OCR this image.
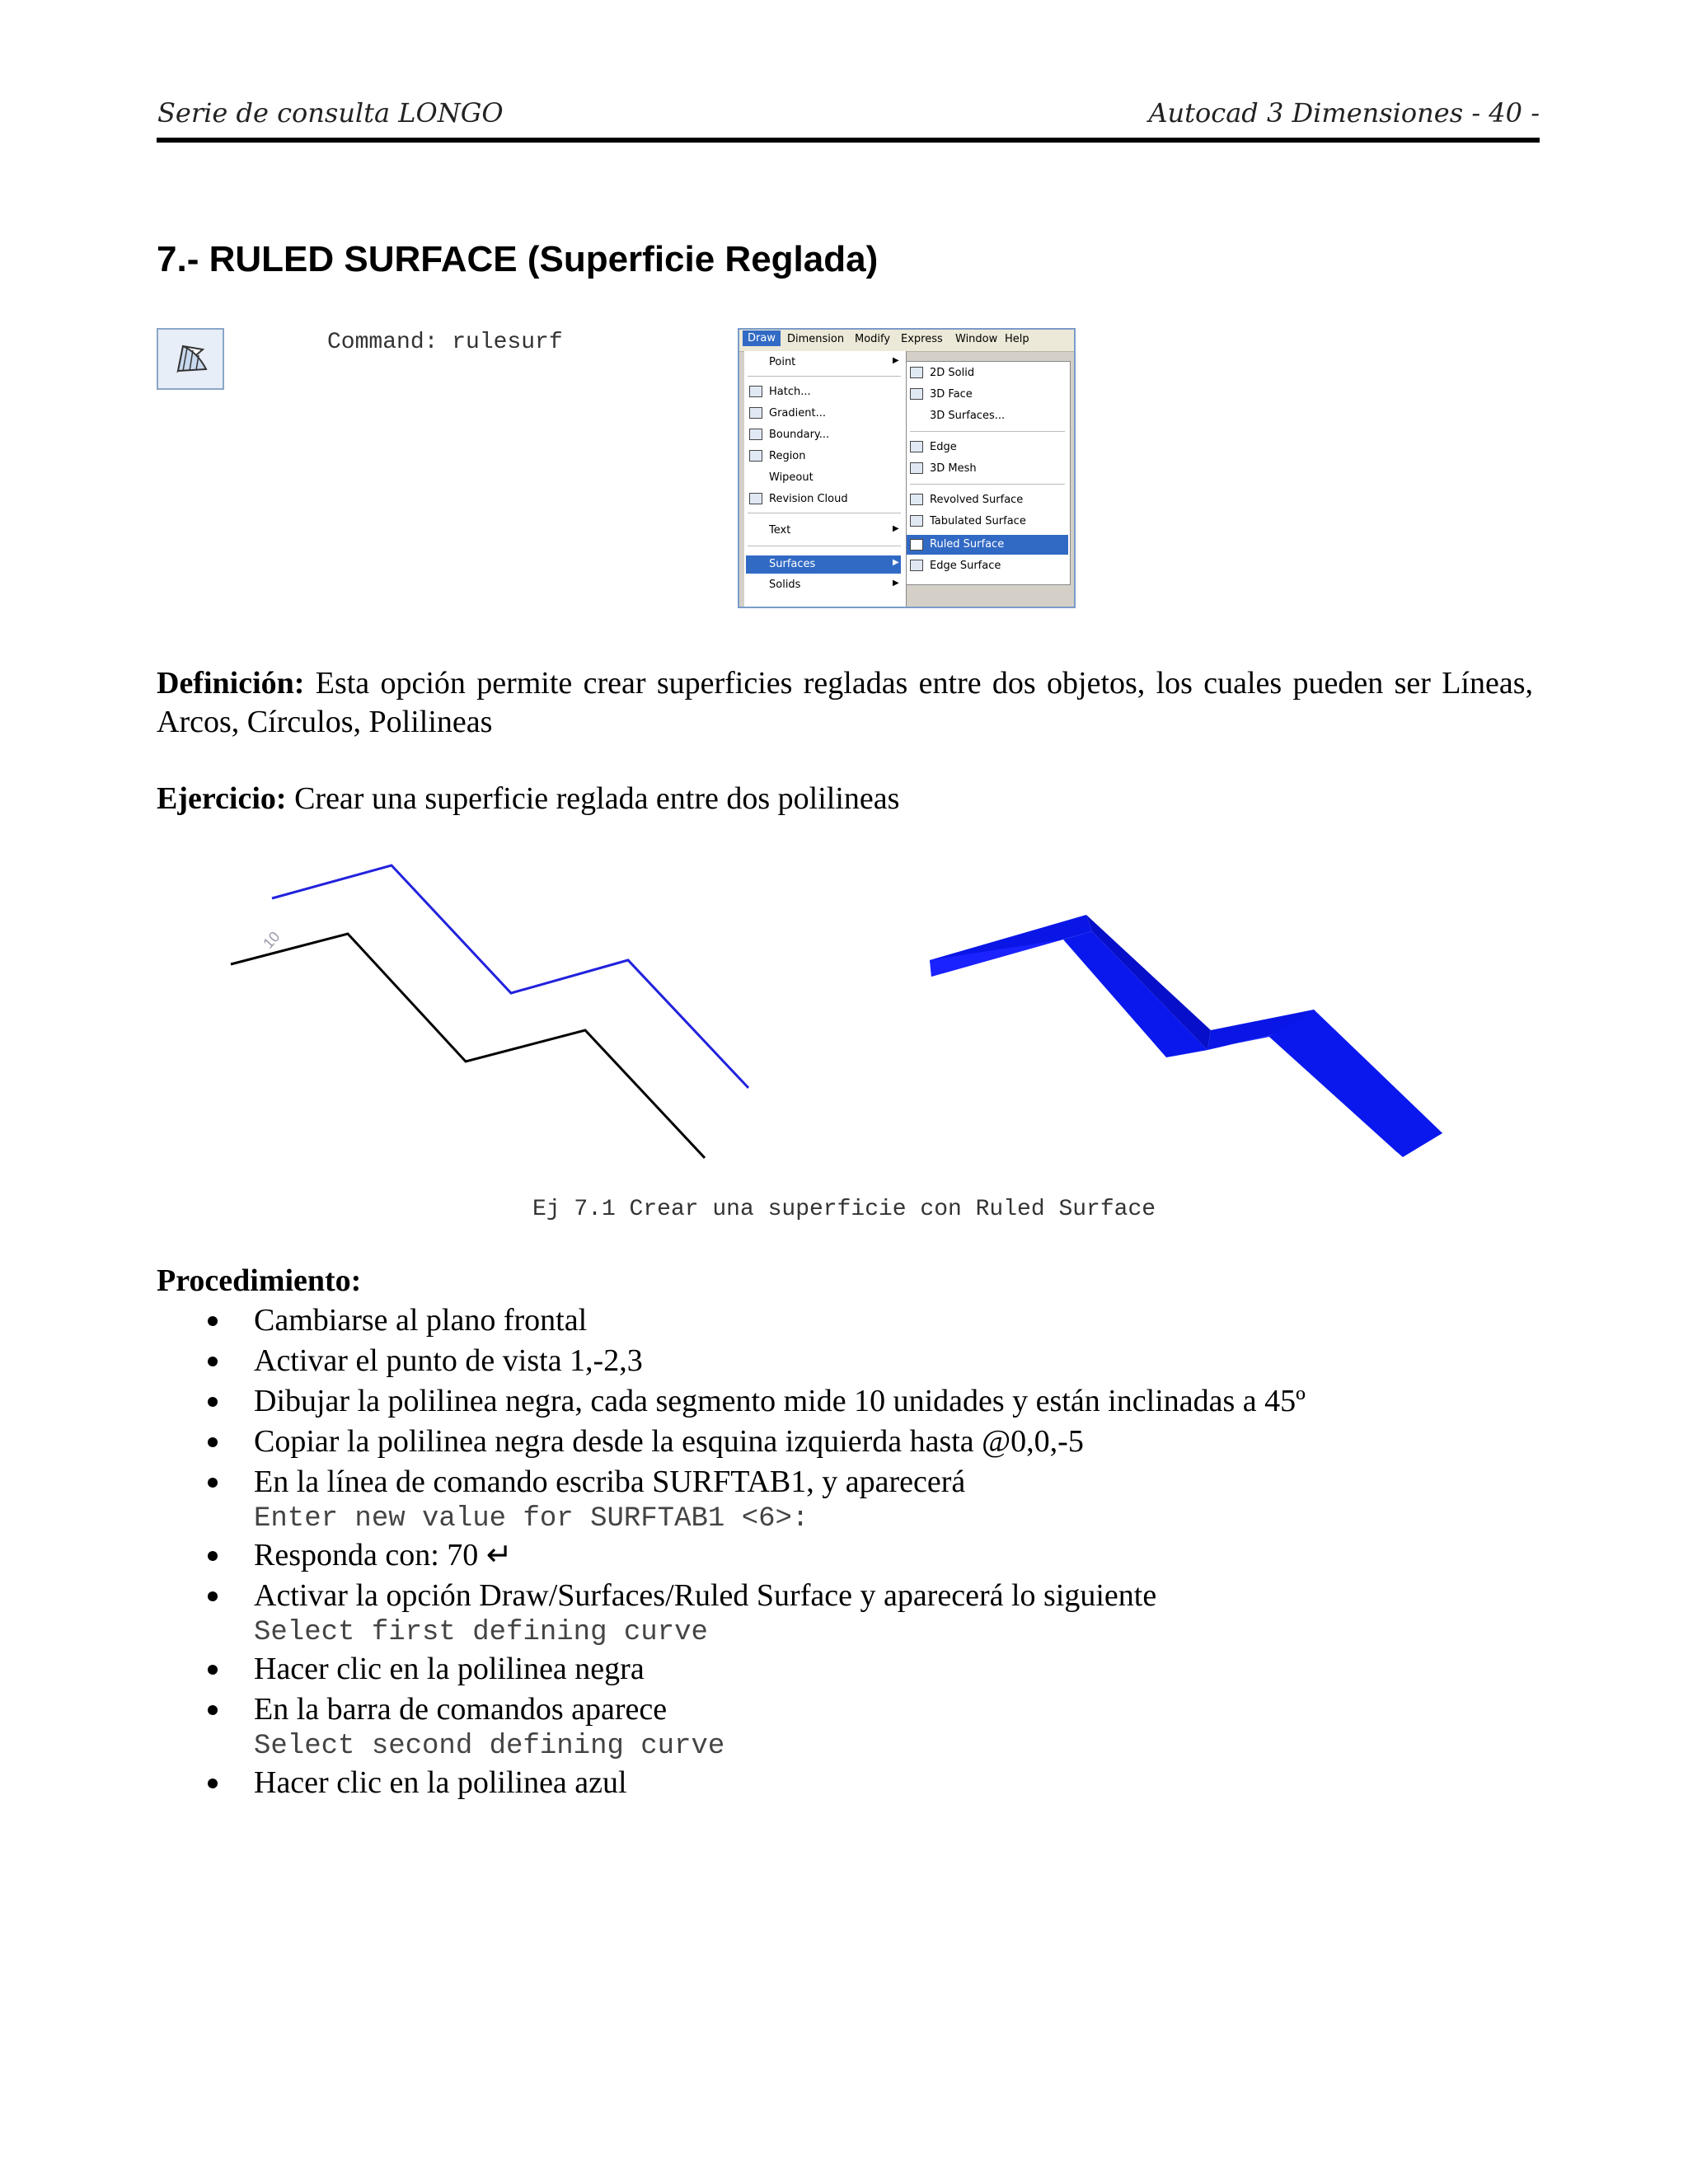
Serie de consulta LONGO	Autocad 3 Dimensiones - 40 -
7.- RULED SURFACE (Superficie Reglada)
Command: rulesurf	Draw	Dimension Modify Express Window Help
Point	▶
Hatch...
Gradient...
Boundary...
Region
Wipeout
Revision Cloud
Text	▶
Surfaces	▶
Solids	▶
2D Solid
3D Face
3D Surfaces...
Edge
3D Mesh
Revolved Surface
Tabulated Surface
Ruled Surface
Edge Surface
Definición: Esta opción permite crear superficies regladas entre dos objetos, los cuales pueden ser Líneas, Arcos, Círculos, Polilineas
Ejercicio: Crear una superficie reglada entre dos polilineas
10
Ej 7.1 Crear una superficie con Ruled Surface
Procedimiento:
Cambiarse al plano frontal
Activar el punto de vista 1,-2,3
Dibujar la polilinea negra, cada segmento mide 10 unidades y están inclinadas a 45º
Copiar la polilinea negra desde la esquina izquierda hasta @0,0,-5
En la línea de comando escriba SURFTAB1, y aparecerá
Enter new value for SURFTAB1 <6>:
Responda con: 70 ↵
Activar la opción Draw/Surfaces/Ruled Surface y aparecerá lo siguiente
Select first defining curve
Hacer clic en la polilinea negra
En la barra de comandos aparece
Select second defining curve
Hacer clic en la polilinea azul
